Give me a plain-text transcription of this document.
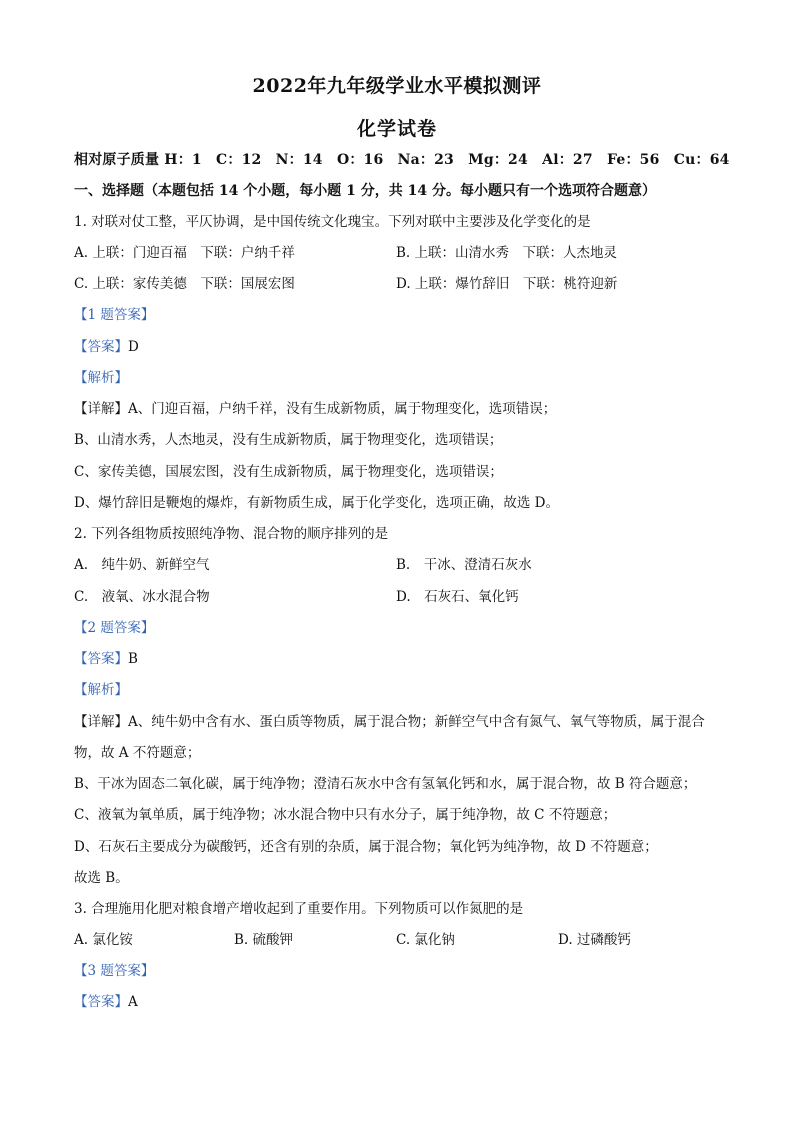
2022年九年级学业水平模拟测评
化学试卷
相对原子质量 H：1　C：12　N：14　O：16　Na：23　Mg：24　Al：27　Fe：56　Cu：64
一、选择题（本题包括 14 个小题，每小题 1 分，共 14 分。每小题只有一个选项符合题意）
1. 对联对仗工整，平仄协调，是中国传统文化瑰宝。下列对联中主要涉及化学变化的是
A. 上联：门迎百福　下联：户纳千祥	B. 上联：山清水秀　下联：人杰地灵
C. 上联：家传美德　下联：国展宏图	D. 上联：爆竹辞旧　下联：桃符迎新
【1 题答案】
【答案】D
【解析】
【详解】A、门迎百福，户纳千祥，没有生成新物质，属于物理变化，选项错误；
B、山清水秀，人杰地灵，没有生成新物质，属于物理变化，选项错误；
C、家传美德，国展宏图，没有生成新物质，属于物理变化，选项错误；
D、爆竹辞旧是鞭炮的爆炸，有新物质生成，属于化学变化，选项正确，故选 D。
2. 下列各组物质按照纯净物、混合物的顺序排列的是
A.　纯牛奶、新鲜空气	B.　干冰、澄清石灰水
C.　液氧、冰水混合物	D.　石灰石、氧化钙
【2 题答案】
【答案】B
【解析】
【详解】A、纯牛奶中含有水、蛋白质等物质，属于混合物；新鲜空气中含有氮气、氧气等物质，属于混合
物，故 A 不符题意；
B、干冰为固态二氧化碳，属于纯净物；澄清石灰水中含有氢氧化钙和水，属于混合物，故 B 符合题意；
C、液氧为氧单质，属于纯净物；冰水混合物中只有水分子，属于纯净物，故 C 不符题意；
D、石灰石主要成分为碳酸钙，还含有别的杂质，属于混合物；氧化钙为纯净物，故 D 不符题意；
故选 B。
3. 合理施用化肥对粮食增产增收起到了重要作用。下列物质可以作氮肥的是
A. 氯化铵	B. 硫酸钾	C. 氯化钠	D. 过磷酸钙
【3 题答案】
【答案】A
